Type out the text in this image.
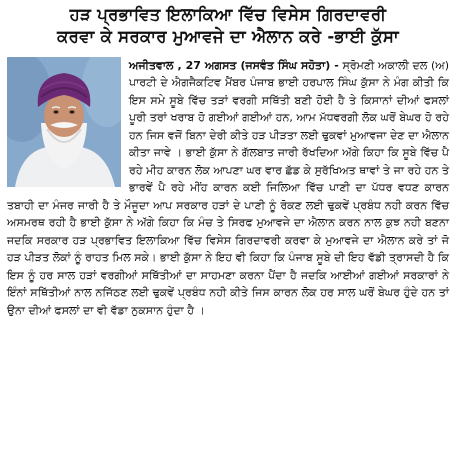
ਹੜ ਪ੍ਰਭਾਵਿਤ ਇਲਾਕਿਆ ਵਿੱਚ ਵਿਸੇਸ ਗਿਰਦਾਵਰੀ
ਕਰਵਾ ਕੇ ਸਰਕਾਰ ਮੁਆਵਜੇ ਦਾ ਐਲਾਨ ਕਰੇ -ਭਾਈ ਕੁੱਸਾ
ਅਜੀਤਵਾਲ , 27 ਅਗਸਤ (ਜਸਵੰਤ ਸਿੰਘ ਸਹੋਤਾ) - ਸ੍ਰੋਮਣੀ ਅਕਾਲੀ ਦਲ (ਅ) ਪਾਰਟੀ ਦੇ ਐਗਜੈਕਟਿਵ ਮੈਂਬਰ ਪੰਜਾਬ ਭਾਈ ਹਰਪਾਲ ਸਿੰਘ ਕੁੱਸਾ ਨੇ ਮੰਗ ਕੀਤੀ ਕਿ ਇਸ ਸਮੇ ਸੂਬੇ ਵਿੱਚ ਤੜਾਂ ਵਰਗੀ ਸਥਿੱਤੀ ਬਣੀ ਹੋਈ ਹੈ ਤੇ ਕਿਸਾਨਾਂ ਦੀਆਂ ਫਸਲਾਂ ਪੂਰੀ ਤਰਾਂ ਖਰਾਬ ਹੋ ਗਈਆਂ ਗਈਆਂ ਹਨ, ਆਮ ਮੱਧਵਰਗੀ ਲੋਕ ਘਰੋਂ ਬੇਘਰ ਹੋ ਰਹੇ ਹਨ ਜਿਸ ਵਜੋਂ ਬਿਨਾ ਦੇਰੀ ਕੀਤੇ ਹੜ ਪੀੜਤਾ ਲਈ ਢੁਕਵਾਂ ਮੁਆਵਜਾ ਦੇਣ ਦਾ ਐਲਾਨ ਕੀਤਾ ਜਾਵੇ । ਭਾਈ ਕੁੱਸਾ ਨੇ ਗੱਲਬਾਤ ਜਾਰੀ ਰੱਖਦਿਆ ਅੱਗੇ ਕਿਹਾ ਕਿ ਸੂਬੇ ਵਿੱਚ ਪੈ ਰਹੇ ਮੀਹ ਕਾਰਨ ਲੋਕ ਆਪਣਾ ਘਰ ਵਾਰ ਛੱਡ ਕੇ ਸੁਰੱਖਿਅਤ ਥਾਵਾਂ ਤੇ ਜਾ ਰਹੇ ਹਨ ਤੇ ਭਾਰਵੇਂ ਪੈ ਰਹੇ ਮੀਂਹ ਕਾਰਨ ਕਈ ਜਿਲਿਆ ਵਿੱਚ ਪਾਣੀ ਦਾ ਪੱਧਰ ਵਧਣ ਕਾਰਨ ਤਬਾਹੀ ਦਾ ਮੰਜਰ ਜਾਰੀ ਹੈ ਤੇ ਮੌਜੂਦਾ ਆਪ ਸਰਕਾਰ ਹੜਾਂ ਦੇ ਪਾਣੀ ਨੂੰ ਰੋਕਣ ਲਈ ਢੁਕਵੇਂ ਪ੍ਰਬੰਧ ਨਹੀ ਕਰਨ ਵਿੱਚ ਅਸਮਰਥ ਰਹੀ ਹੈ ਭਾਈ ਕੁੱਸਾ ਨੇ ਅੱਗੇ ਕਿਹਾ ਕਿ ਮੰਚ ਤੇ ਸਿਰਫ ਮੁਆਵਜੇ ਦਾ ਐਲਾਨ ਕਰਨ ਨਾਲ ਕੁਝ ਨਹੀ ਬਣਨਾ ਜਦਕਿ ਸਰਕਾਰ ਹੜ ਪ੍ਰਭਾਵਿਤ ਇਲਾਕਿਆ ਵਿੱਚ ਵਿਸੇਸ ਗਿਰਦਾਵਰੀ ਕਰਵਾ ਕੇ ਮੁਆਵਜੇ ਦਾ ਐਲਾਨ ਕਰੇ ਤਾਂ ਜੋ ਹੜ ਪੀੜਤ ਲੋਕਾਂ ਨੂੰ ਰਾਹਤ ਮਿਲ ਸਕੇ। ਭਾਈ ਕੁੱਸਾ ਨੇ ਇਹ ਵੀ ਕਿਹਾ ਕਿ ਪੰਜਾਬ ਸੂਬੇ ਦੀ ਇਹ ਵੱਡੀ ਤ੍ਰਾਸਦੀ ਹੈ ਕਿ ਇਸ ਨੂੰ ਹਰ ਸਾਲ ਹੜਾਂ ਵਰਗੀਆਂ ਸਥਿੱਤੀਆਂ ਦਾ ਸਾਹਮਣਾ ਕਰਨਾ ਪੈਂਦਾ ਹੈ ਜਦਕਿ ਆਈਆਂ ਗਈਆਂ ਸਰਕਾਰਾਂ ਨੇ ਇੰਨਾਂ ਸਥਿੱਤੀਆਂ ਨਾਲ ਨਜਿੱਠਣ ਲਈ ਢੁਕਵੇਂ ਪ੍ਰਬੰਧ ਨਹੀ ਕੀਤੇ ਜਿਸ ਕਾਰਨ ਲੋਕ ਹਰ ਸਾਲ ਘਰੋਂ ਬੇਘਰ ਹੁੰਦੇ ਹਨ ਤਾਂ ਉਨਾ ਦੀਆਂ ਫਸਲਾਂ ਦਾ ਵੀ ਵੱਡਾ ਨੁਕਸਾਨ ਹੁੰਦਾ ਹੈ ।
